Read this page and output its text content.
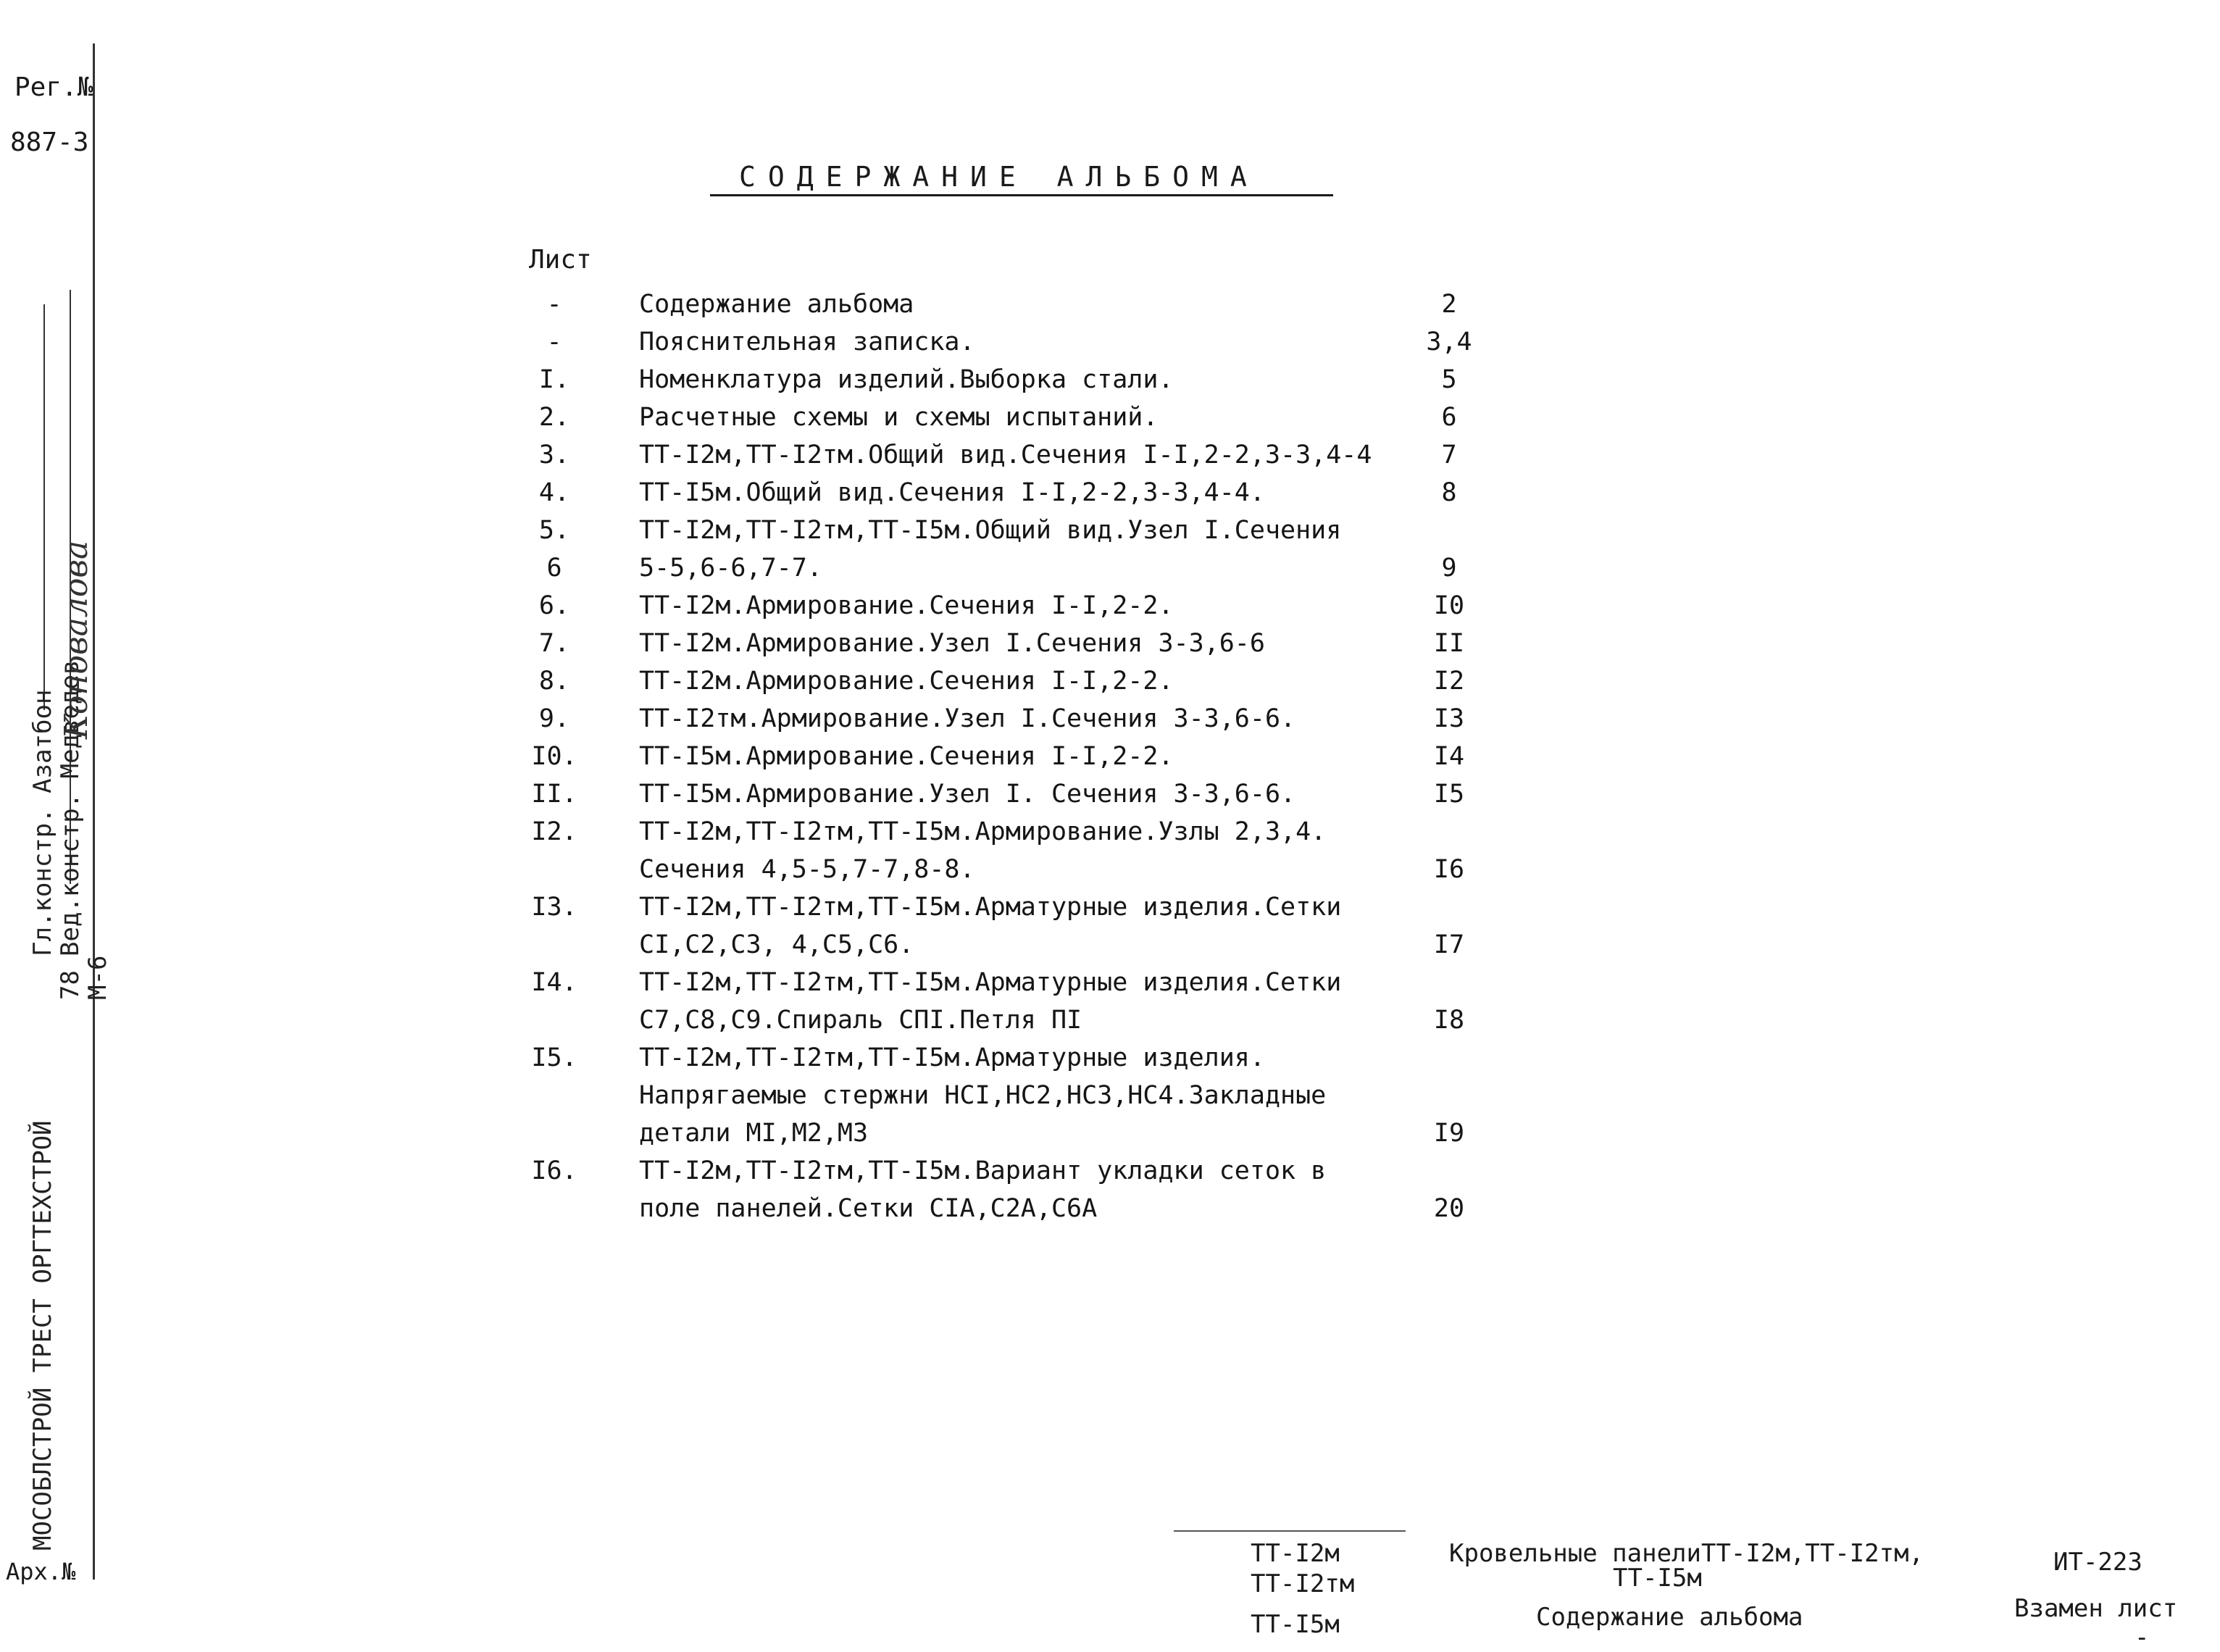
Рег.№
887-3
МОСОБЛСТРОЙ ТРЕСТ ОРГТЕХСТРОЙ
Гл.констр. Азатбон
Вед.констр. Медведев
78
М-6
Коновалова
Арх.№
СОДЕРЖАНИЕ АЛЬБОМА
Лист
-	Содержание альбома	2
-	Пояснительная записка.	3,4
I.	Номенклатура изделий.Выборка стали.	5
2.	Расчетные схемы и схемы испытаний.	6
3.	ТТ-I2м,ТТ-I2тм.Общий вид.Сечения I-I,2-2,3-3,4-4	7
4.	ТТ-I5м.Общий вид.Сечения I-I,2-2,3-3,4-4.	8
5.	ТТ-I2м,ТТ-I2тм,ТТ-I5м.Общий вид.Узел I.Сечения
6	5-5,6-6,7-7.	9
6.	ТТ-I2м.Армирование.Сечения I-I,2-2.	I0
7.	ТТ-I2м.Армирование.Узел I.Сечения 3-3,6-6	II
8.	ТТ-I2м.Армирование.Сечения I-I,2-2.	I2
9.	ТТ-I2тм.Армирование.Узел I.Сечения 3-3,6-6.	I3
I0. ТТ-I5м.Армирование.Сечения I-I,2-2.	I4
II. ТТ-I5м.Армирование.Узел I. Сечения 3-3,6-6.	I5
I2. ТТ-I2м,ТТ-I2тм,ТТ-I5м.Армирование.Узлы 2,3,4.
Сечения 4,5-5,7-7,8-8.	I6
I3. ТТ-I2м,ТТ-I2тм,ТТ-I5м.Арматурные изделия.Сетки
CI,C2,C3, 4,C5,C6.	I7
I4. ТТ-I2м,ТТ-I2тм,ТТ-I5м.Арматурные изделия.Сетки
C7,C8,C9.Спираль СПI.Петля ПI	I8
I5. ТТ-I2м,ТТ-I2тм,ТТ-I5м.Арматурные изделия.
Напрягаемые стержни НСI,НС2,НС3,НС4.Закладные
детали МI,М2,М3	I9
I6. ТТ-I2м,ТТ-I2тм,ТТ-I5м.Вариант укладки сеток в
поле панелей.Сетки СIА,С2А,С6А	20
ТТ-I2м
ТТ-I2тм
ТТ-I5м
Кровельные панелиТТ-I2м,ТТ-I2тм,
ТТ-I5м
Содержание альбома
ИТ-223
Взамен лист
-
